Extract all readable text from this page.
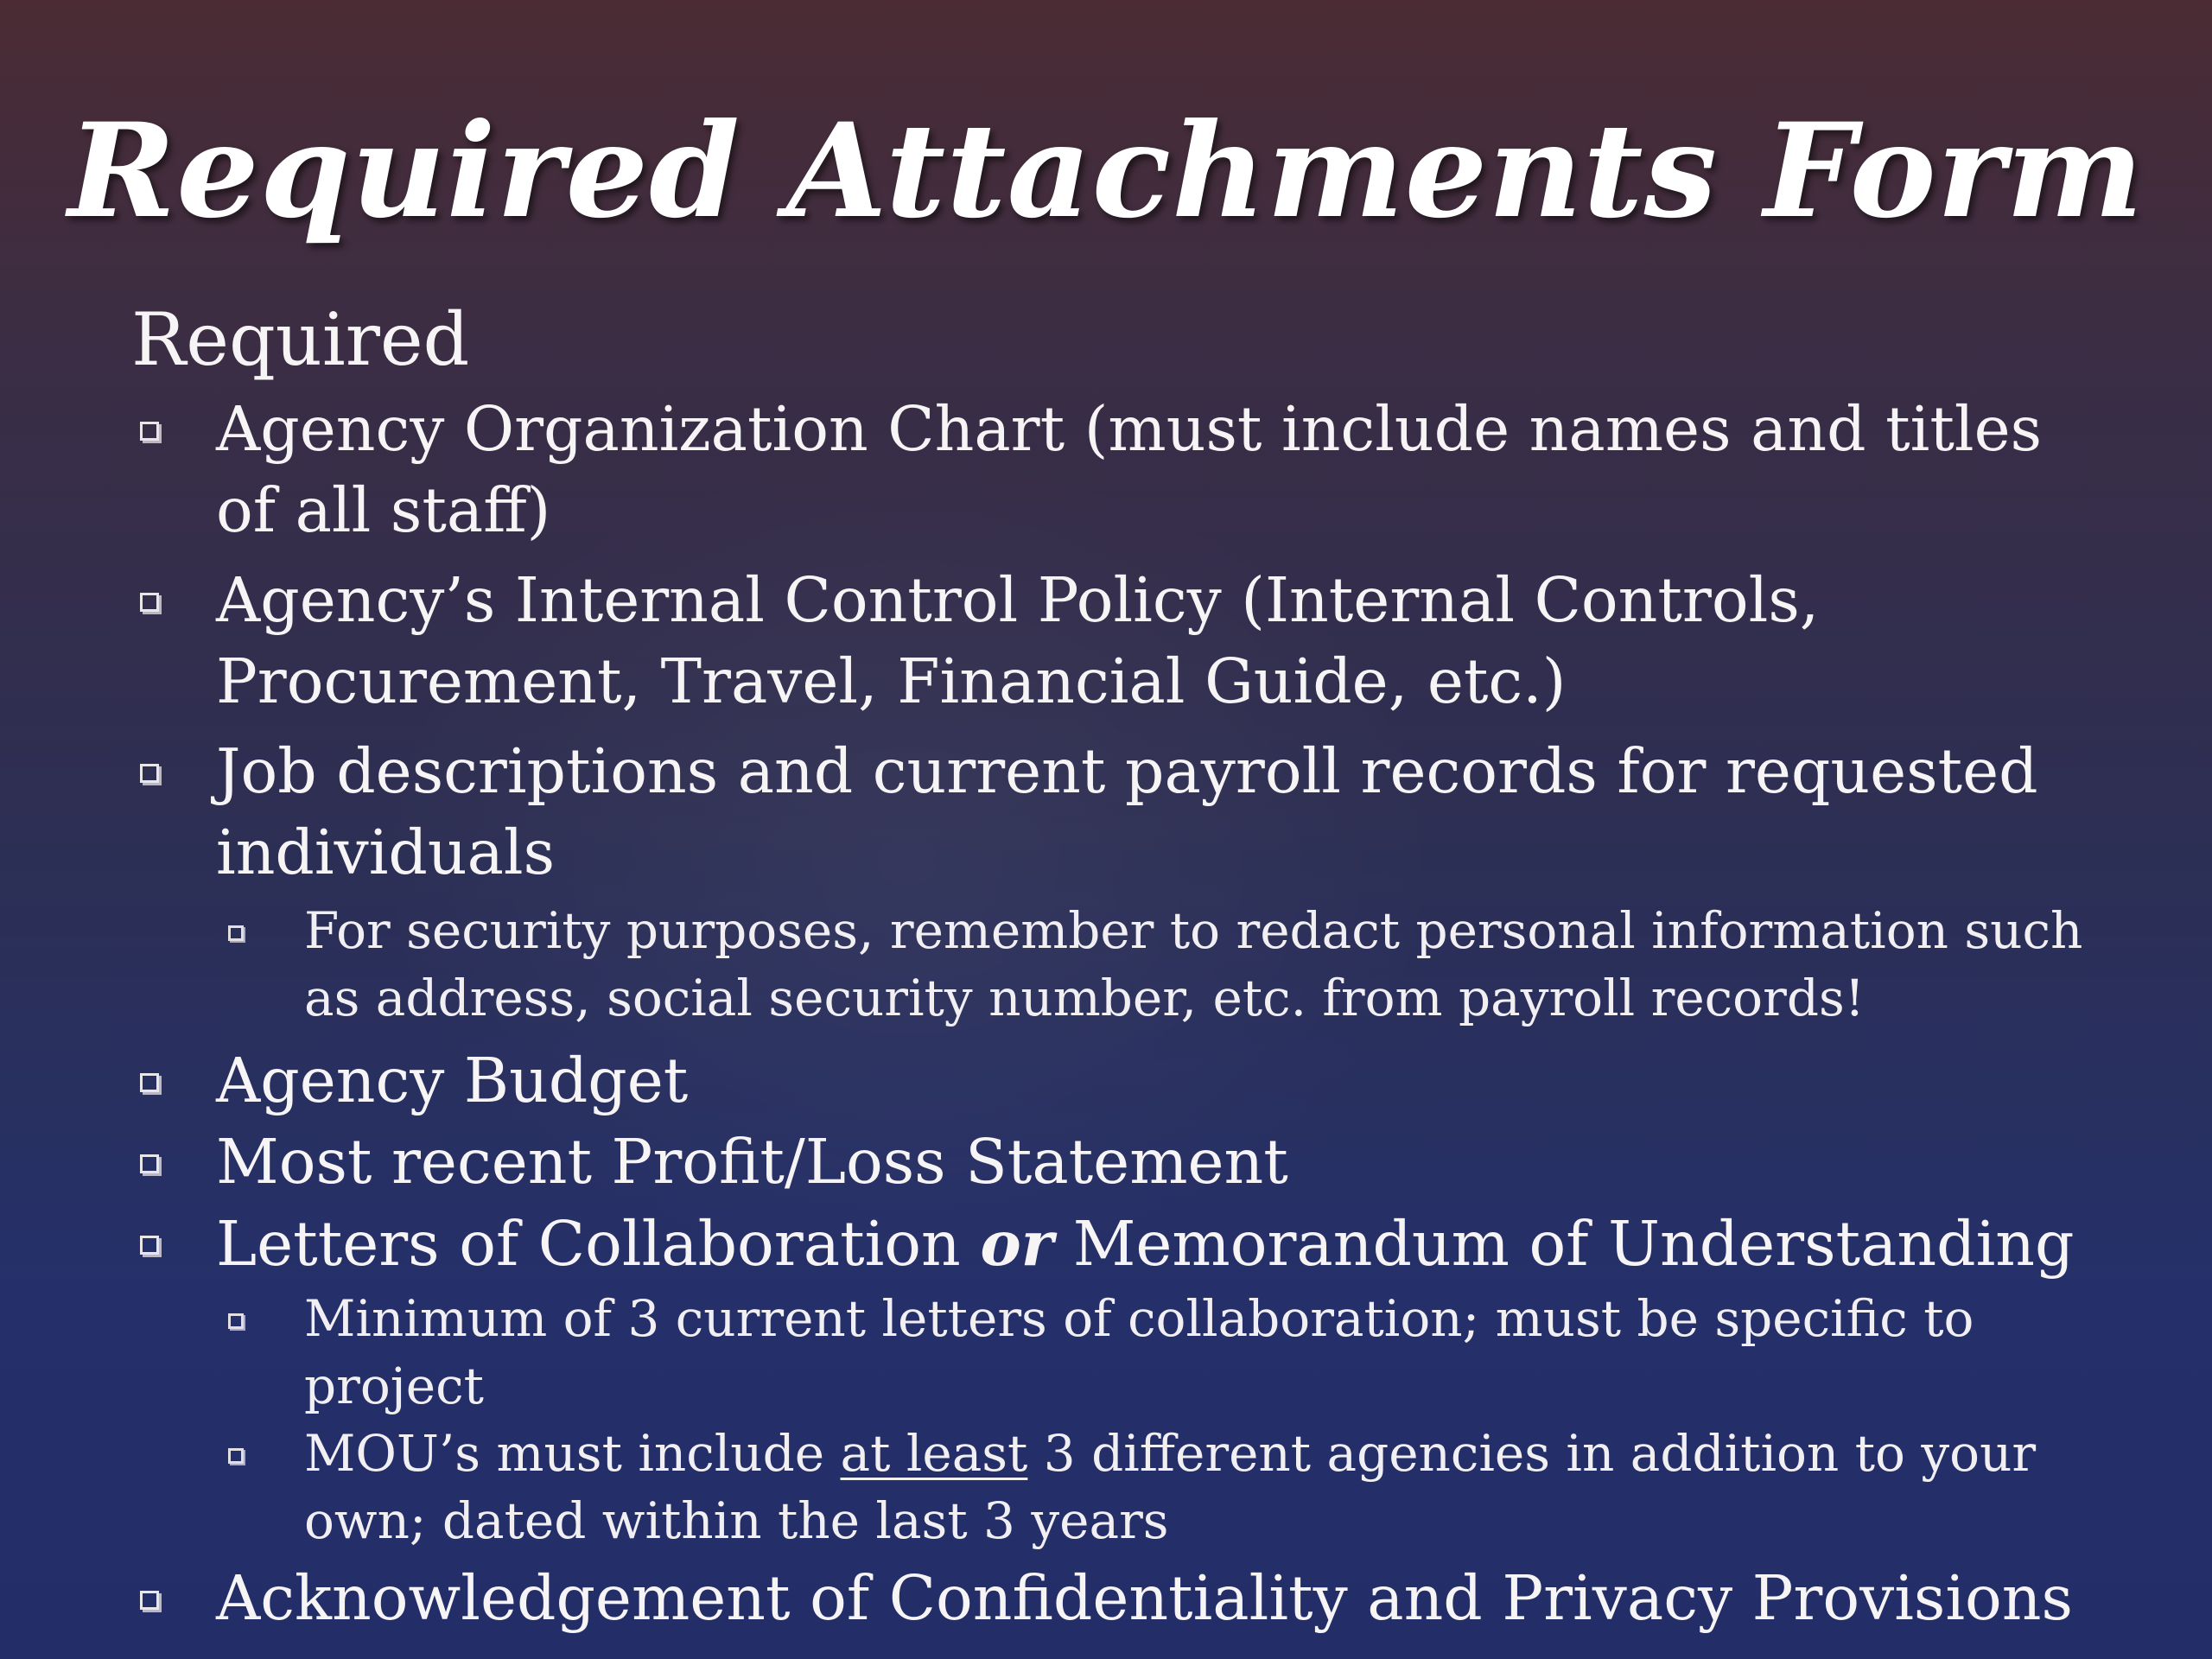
Required Attachments Form
Required
Agency Organization Chart (must include names and titles of all staff)
Agency’s Internal Control Policy (Internal Controls, Procurement, Travel, Financial Guide, etc.)
Job descriptions and current payroll records for requested individuals
For security purposes, remember to redact personal information such as address, social security number, etc. from payroll records!
Agency Budget
Most recent Profit/Loss Statement
Letters of Collaboration or Memorandum of Understanding
Minimum of 3 current letters of collaboration; must be specific to project
MOU’s must include at least 3 different agencies in addition to your own; dated within the last 3 years
Acknowledgement of Confidentiality and Privacy Provisions
